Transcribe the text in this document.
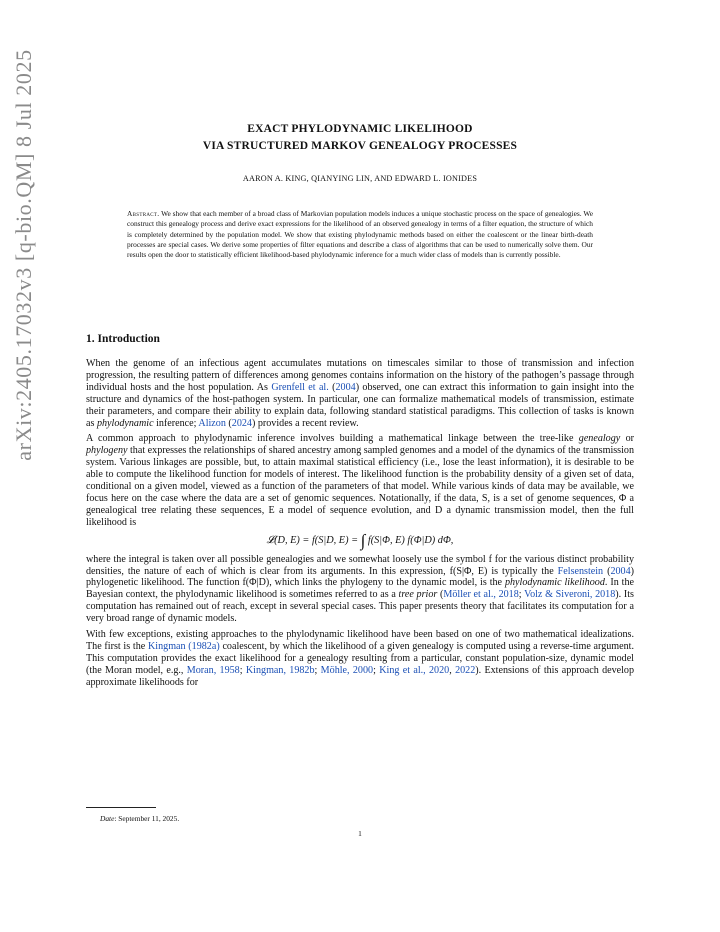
arXiv:2405.17032v3 [q-bio.QM] 8 Jul 2025	EXACT PHYLODYNAMIC LIKELIHOOD
VIA STRUCTURED MARKOV GENEALOGY PROCESSES
AARON A. KING, QIANYING LIN, AND EDWARD L. IONIDES
Abstract. We show that each member of a broad class of Markovian population models induces a unique stochastic process on the space of genealogies. We construct this genealogy process and derive exact expressions for the likelihood of an observed genealogy in terms of a filter equation, the structure of which is completely determined by the population model. We show that existing phylodynamic methods based on either the coalescent or the linear birth-death processes are special cases. We derive some properties of filter equations and describe a class of algorithms that can be used to numerically solve them. Our results open the door to statistically efficient likelihood-based phylodynamic inference for a much wider class of models than is currently possible.
1. Introduction

When the genome of an infectious agent accumulates mutations on timescales similar to those of transmission and infection progression, the resulting pattern of differences among genomes contains information on the history of the pathogen’s passage through individual hosts and the host population. As Grenfell et al. (2004) observed, one can extract this information to gain insight into the structure and dynamics of the host-pathogen system. In particular, one can formalize mathematical models of transmission, estimate their parameters, and compare their ability to explain data, following standard statistical paradigms. This collection of tasks is known as phylodynamic inference; Alizon (2024) provides a recent review.

A common approach to phylodynamic inference involves building a mathematical linkage between the tree-like genealogy or phylogeny that expresses the relationships of shared ancestry among sampled genomes and a model of the dynamics of the transmission system. Various linkages are possible, but, to attain maximal statistical efficiency (i.e., lose the least information), it is desirable to be able to compute the likelihood function for models of interest. The likelihood function is the probability density of a given set of data, conditional on a given model, viewed as a function of the parameters of that model. While various kinds of data may be available, we focus here on the case where the data are a set of genomic sequences. Notationally, if the data, S, is a set of genome sequences, Φ a genealogical tree relating these sequences, E a model of sequence evolution, and D a dynamic transmission model, then the full likelihood is

𝓛(D, E) = f(S|D, E) = ∫ f(S|Φ, E) f(Φ|D) dΦ,

where the integral is taken over all possible genealogies and we somewhat loosely use the symbol f for the various distinct probability densities, the nature of each of which is clear from its arguments. In this expression, f(S|Φ, E) is typically the Felsenstein (2004) phylogenetic likelihood. The function f(Φ|D), which links the phylogeny to the dynamic model, is the phylodynamic likelihood. In the Bayesian context, the phylodynamic likelihood is sometimes referred to as a tree prior (Möller et al., 2018; Volz & Siveroni, 2018). Its computation has remained out of reach, except in several special cases. This paper presents theory that facilitates its computation for a very broad range of dynamic models.

With few exceptions, existing approaches to the phylodynamic likelihood have been based on one of two mathematical idealizations. The first is the Kingman (1982a) coalescent, by which the likelihood of a given genealogy is computed using a reverse-time argument. This computation provides the exact likelihood for a genealogy resulting from a particular, constant population-size, dynamic model (the Moran model, e.g., Moran, 1958; Kingman, 1982b; Möhle, 2000; King et al., 2020, 2022). Extensions of this approach develop approximate likelihoods for

Date: September 11, 2025.
1
